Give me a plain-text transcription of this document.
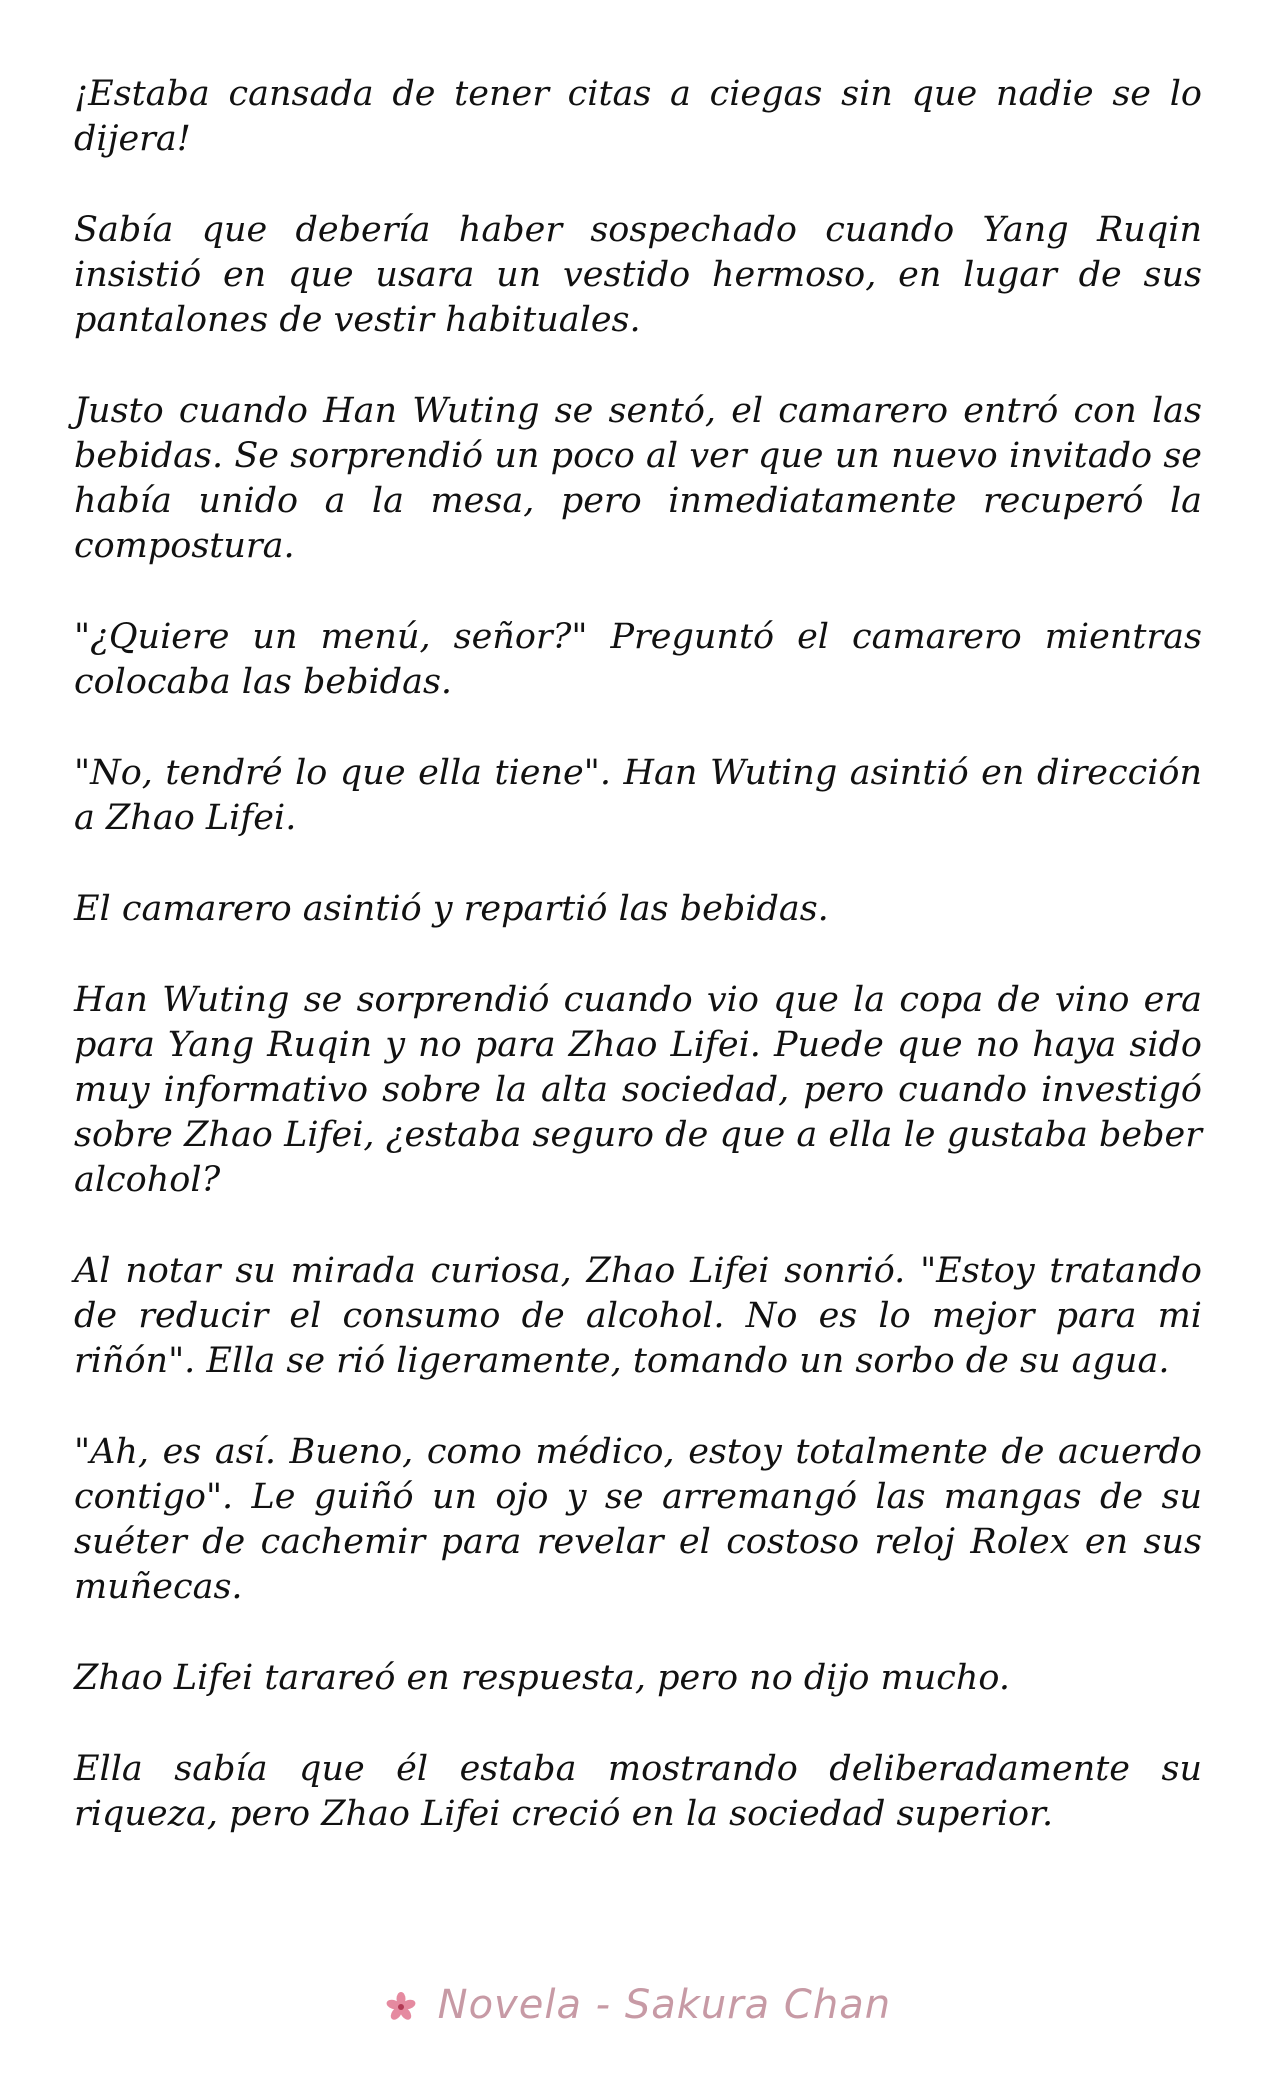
¡Estaba cansada de tener citas a ciegas sin que nadie se lo dijera!

Sabía que debería haber sospechado cuando Yang Ruqin insistió en que usara un vestido hermoso, en lugar de sus pantalones de vestir habituales.

Justo cuando Han Wuting se sentó, el camarero entró con las bebidas. Se sorprendió un poco al ver que un nuevo invitado se había unido a la mesa, pero inmediatamente recuperó la compostura.

"¿Quiere un menú, señor?" Preguntó el camarero mientras colocaba las bebidas.

"No, tendré lo que ella tiene". Han Wuting asintió en dirección a Zhao Lifei.

El camarero asintió y repartió las bebidas.

Han Wuting se sorprendió cuando vio que la copa de vino era para Yang Ruqin y no para Zhao Lifei. Puede que no haya sido muy informativo sobre la alta sociedad, pero cuando investigó sobre Zhao Lifei, ¿estaba seguro de que a ella le gustaba beber alcohol?

Al notar su mirada curiosa, Zhao Lifei sonrió. "Estoy tratando de reducir el consumo de alcohol. No es lo mejor para mi riñón". Ella se rió ligeramente, tomando un sorbo de su agua.

"Ah, es así. Bueno, como médico, estoy totalmente de acuerdo contigo". Le guiñó un ojo y se arremangó las mangas de su suéter de cachemir para revelar el costoso reloj Rolex en sus muñecas.

Zhao Lifei tarareó en respuesta, pero no dijo mucho.

Ella sabía que él estaba mostrando deliberadamente su riqueza, pero Zhao Lifei creció en la sociedad superior.

Novela - Sakura Chan
